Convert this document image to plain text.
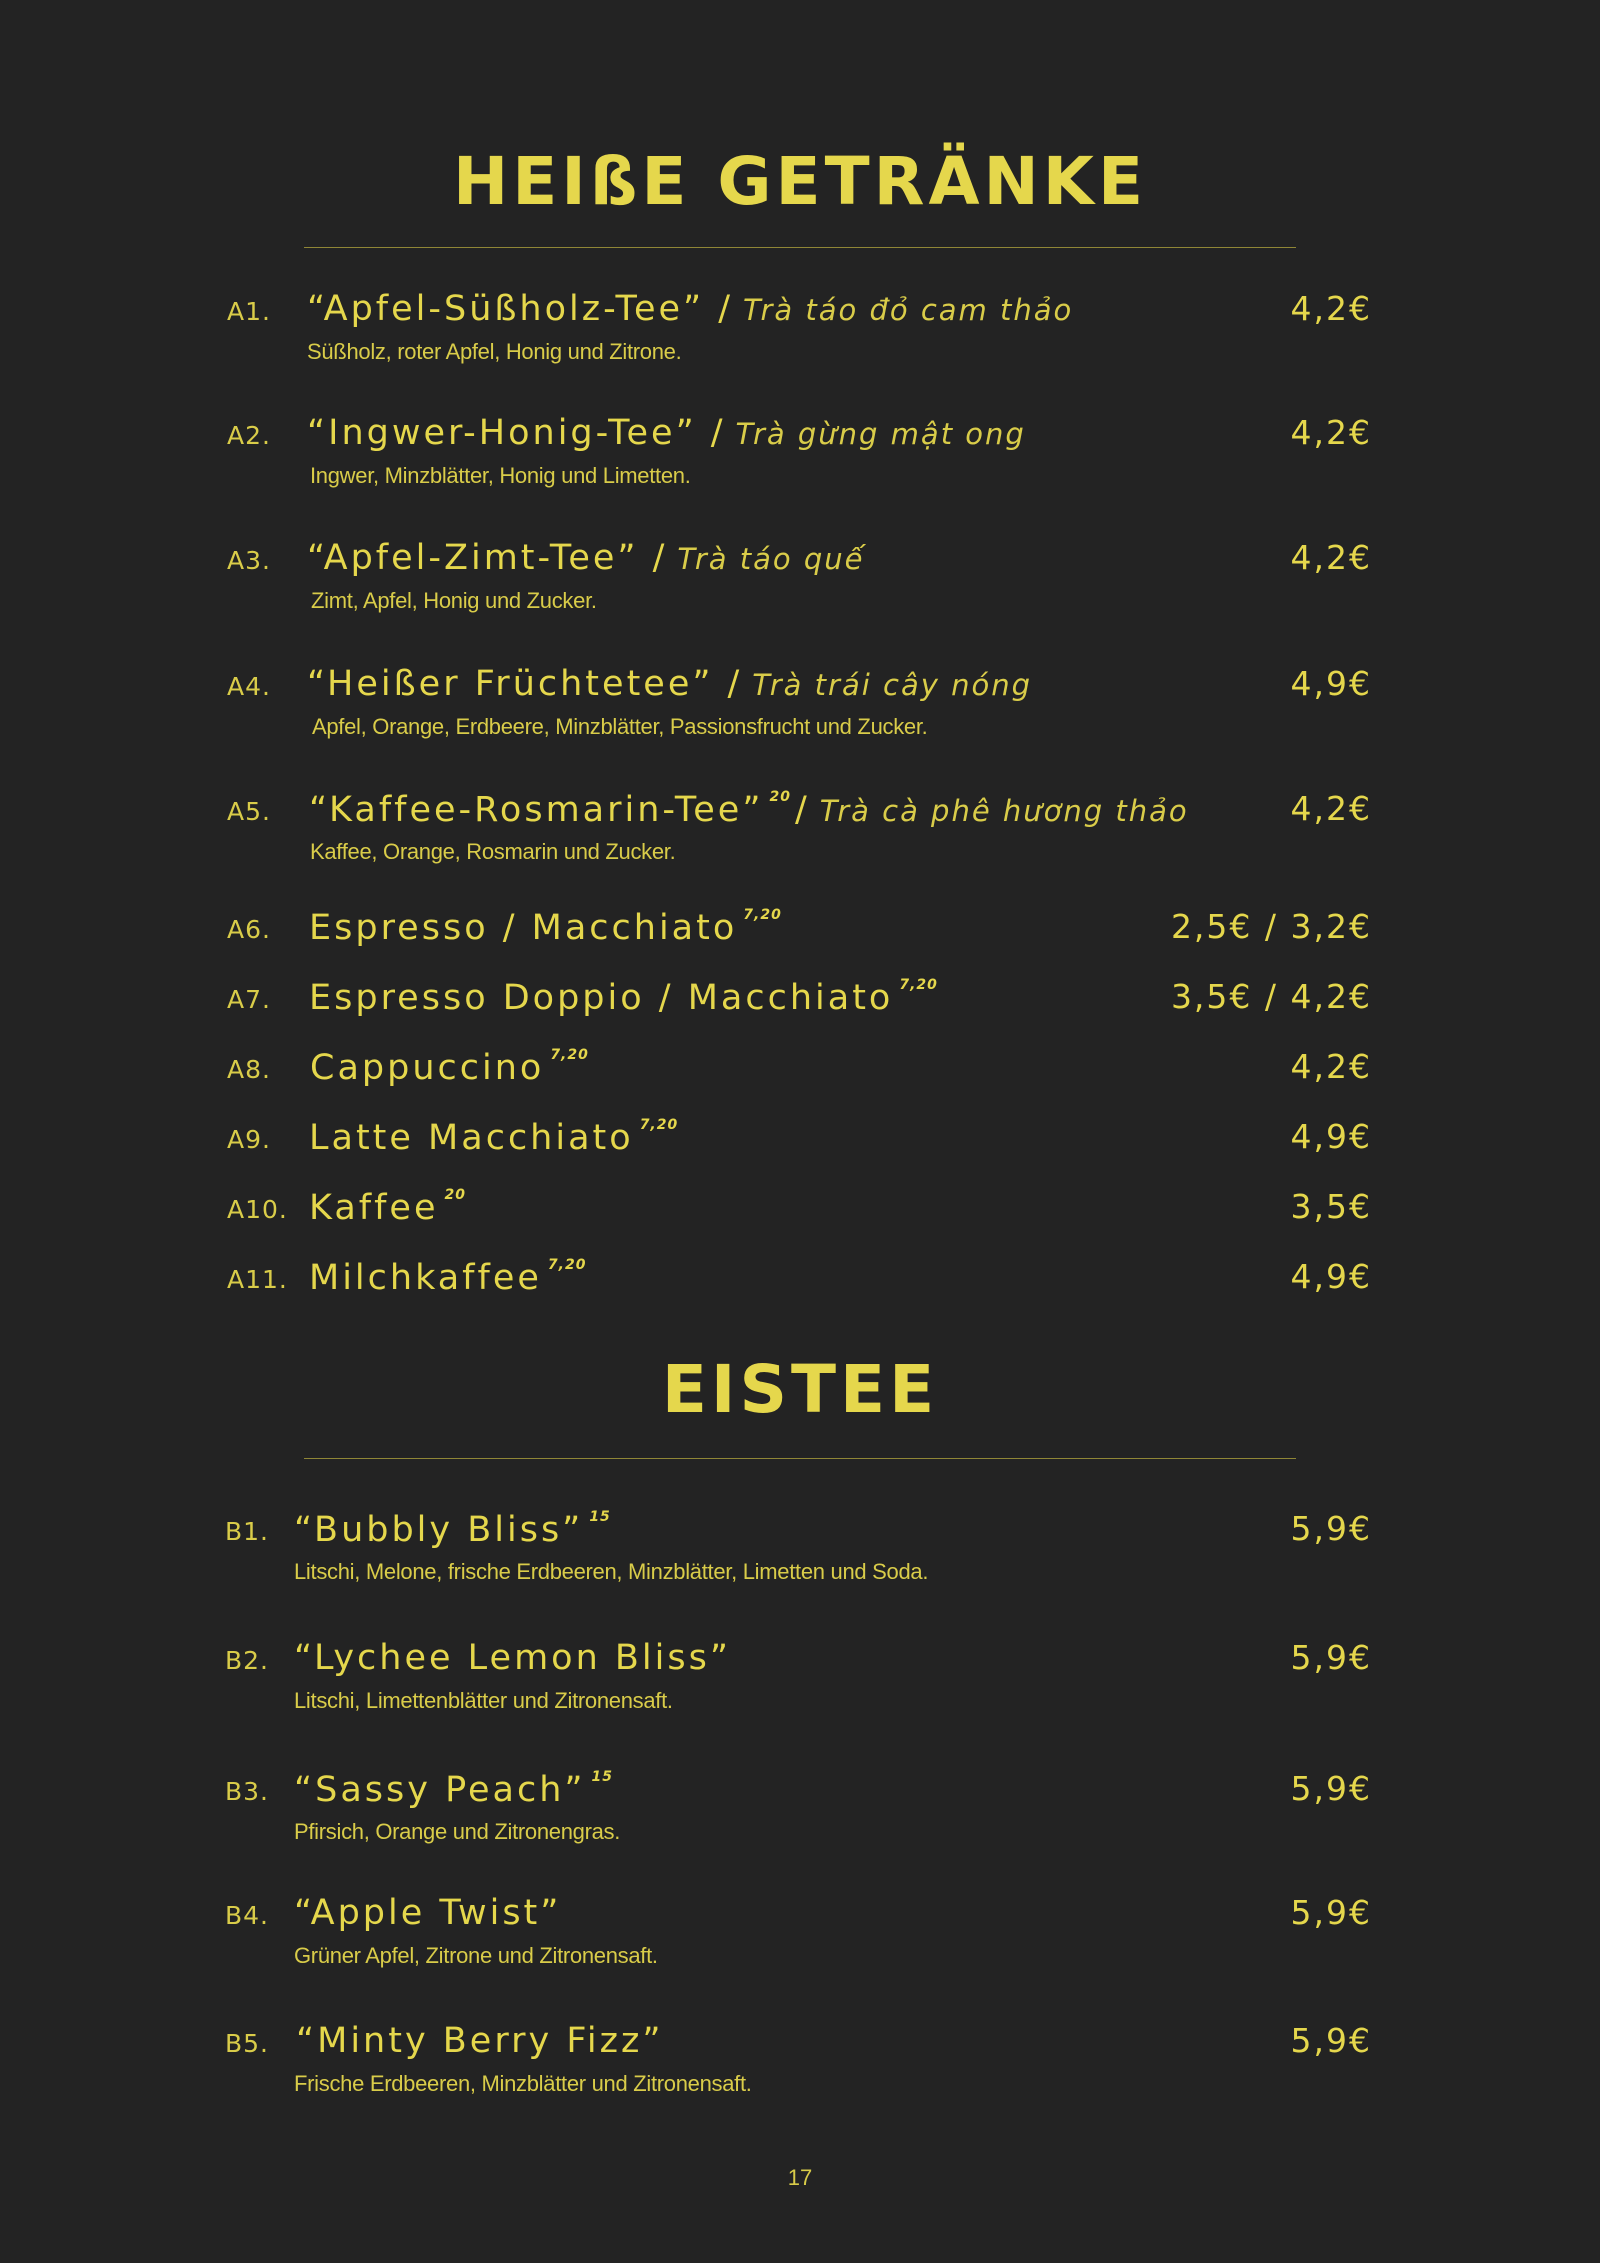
HEIßE GETRÄNKE
A1. “Apfel-Süßholz-Tee” / Trà táo đỏ cam thảo
Süßholz, roter Apfel, Honig und Zitrone.
4,2€
A2. “Ingwer-Honig-Tee” / Trà gừng mật ong
Ingwer, Minzblätter, Honig und Limetten.
4,2€
A3. “Apfel-Zimt-Tee” / Trà táo quế
Zimt, Apfel, Honig und Zucker.
4,2€
A4. “Heißer Früchtetee” / Trà trái cây nóng
Apfel, Orange, Erdbeere, Minzblätter, Passionsfrucht und Zucker.
4,9€
A5. “Kaffee-Rosmarin-Tee” $^{20}$ / Trà cà phê hương thảo
Kaffee, Orange, Rosmarin und Zucker.
4,2€
A6. Espresso / Macchiato $^{7,20}$	2,5€ / 3,2€
A7. Espresso Doppio / Macchiato $^{7,20}$	3,5€ / 4,2€
A8. Cappuccino $^{7,20}$	4,2€
A9. Latte Macchiato $^{7,20}$	4,9€
A10. Kaffee $^{20}$	3,5€
A11. Milchkaffee $^{7,20}$	4,9€
EISTEE
B1. “Bubbly Bliss” $^{15}$
Litschi, Melone, frische Erdbeeren, Minzblätter, Limetten und Soda.
5,9€
B2. “Lychee Lemon Bliss”
Litschi, Limettenblätter und Zitronensaft.
5,9€
B3. “Sassy Peach” $^{15}$
Pfirsich, Orange und Zitronengras.
5,9€
B4. “Apple Twist”
Grüner Apfel, Zitrone und Zitronensaft.
5,9€
B5. “Minty Berry Fizz”
Frische Erdbeeren, Minzblätter und Zitronensaft.
5,9€
17
